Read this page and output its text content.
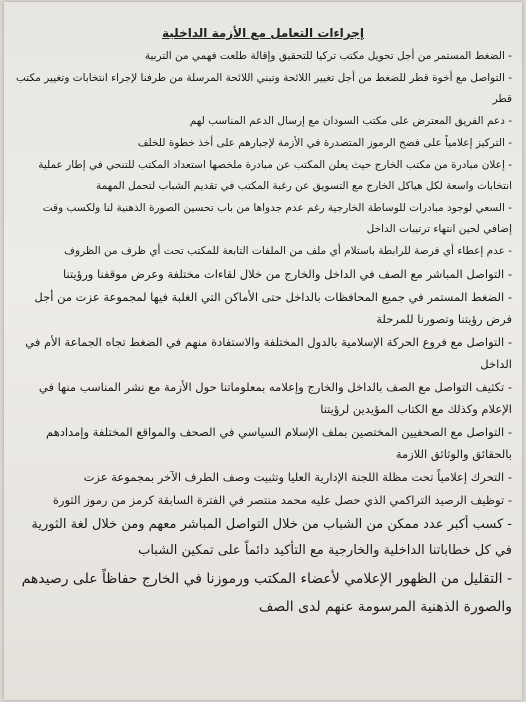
إجراءات التعامل مع الأزمة الداخلية
- الضغط المستمر من أجل تحويل مكتب تركيا للتحقيق وإقالة طلعت فهمي من التربية
- التواصل مع أخوة قطر للضغط من أجل تغيير اللائحة وتبني اللائحة المرسلة من طرفنا لإجراء انتخابات وتغيير مكتب قطر
- دعم الفريق المعترض على مكتب السودان مع إرسال الدعم المناسب لهم
- التركيز إعلامياً على فضح الرموز المتصدرة في الأزمة لإجبارهم على أخذ خطوة للخلف
- إعلان مبادرة من مكتب الخارج حيث يعلن المكتب عن مبادرة ملخصها استعداد المكتب للتنحي في إطار عملية انتخابات واسعة لكل هياكل الخارج مع التسويق عن رغبة المكتب في تقديم الشباب لتحمل المهمة
- السعي لوجود مبادرات للوساطة الخارجية رغم عدم جدواها من باب تحسين الصورة الذهنية لنا ولكسب وقت إضافي لحين انتهاء ترتيبات الداخل
- عدم إعطاء أي فرصة للرابطة باستلام أي ملف من الملفات التابعة للمكتب تحت أي ظرف من الظروف
- التواصل المباشر مع الصف في الداخل والخارج من خلال لقاءات مختلفة وعرض موقفنا ورؤيتنا
- الضغط المستمر في جميع المحافظات بالداخل حتى الأماكن التي الغلبة فيها لمجموعة عزت من أجل فرض رؤيتنا وتصورنا للمرحلة
- التواصل مع فروع الحركة الإسلامية بالدول المختلفة والاستفادة منهم في الضغط تجاه الجماعة الأم في الداخل
- تكثيف التواصل مع الصف بالداخل والخارج وإعلامه بمعلوماتنا حول الأزمة مع نشر المناسب منها في الإعلام وكذلك مع الكتاب المؤيدين لرؤيتنا
- التواصل مع الصحفيين المختصين بملف الإسلام السياسي في الصحف والمواقع المختلفة وإمدادهم بالحقائق والوثائق اللازمة
- التحرك إعلامياً تحت مظلة اللجنة الإدارية العليا وتثبيت وصف الطرف الآخر بمجموعة عزت
- توظيف الرصيد التراكمي الذي حصل عليه محمد منتصر في الفترة السابقة كرمز من رموز الثورة
- كسب أكبر عدد ممكن من الشباب من خلال التواصل المباشر معهم ومن خلال لغة الثورية في كل خطاباتنا الداخلية والخارجية مع التأكيد دائماً على تمكين الشباب
- التقليل من الظهور الإعلامي لأعضاء المكتب ورموزنا في الخارج حفاظاً على رصيدهم والصورة الذهنية المرسومة عنهم لدى الصف
